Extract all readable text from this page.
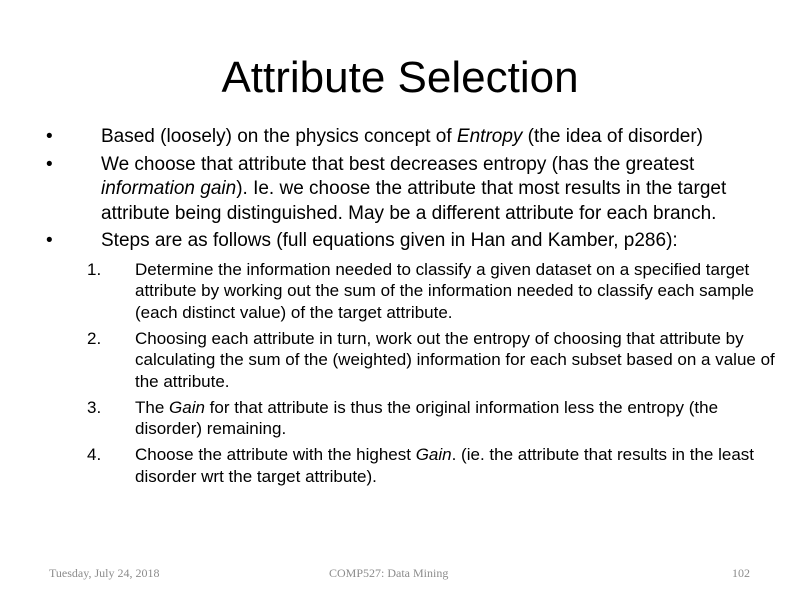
Attribute Selection
•	Based (loosely) on the physics concept of Entropy (the idea of disorder)
•	We choose that attribute that best decreases entropy (has the greatest information gain). Ie. we choose the attribute that most results in the target attribute being distinguished. May be a different attribute for each branch.
•	Steps are as follows (full equations given in Han and Kamber, p286):
1. Determine the information needed to classify a given dataset on a specified target attribute by working out the sum of the information needed to classify each sample (each distinct value) of the target attribute.
2. Choosing each attribute in turn, work out the entropy of choosing that attribute by calculating the sum of the (weighted) information for each subset based on a value of the attribute.
3. The Gain for that attribute is thus the original information less the entropy (the disorder) remaining.
4. Choose the attribute with the highest Gain. (ie. the attribute that results in the least disorder wrt the target attribute).
Tuesday, July 24, 2018	COMP527: Data Mining	102
